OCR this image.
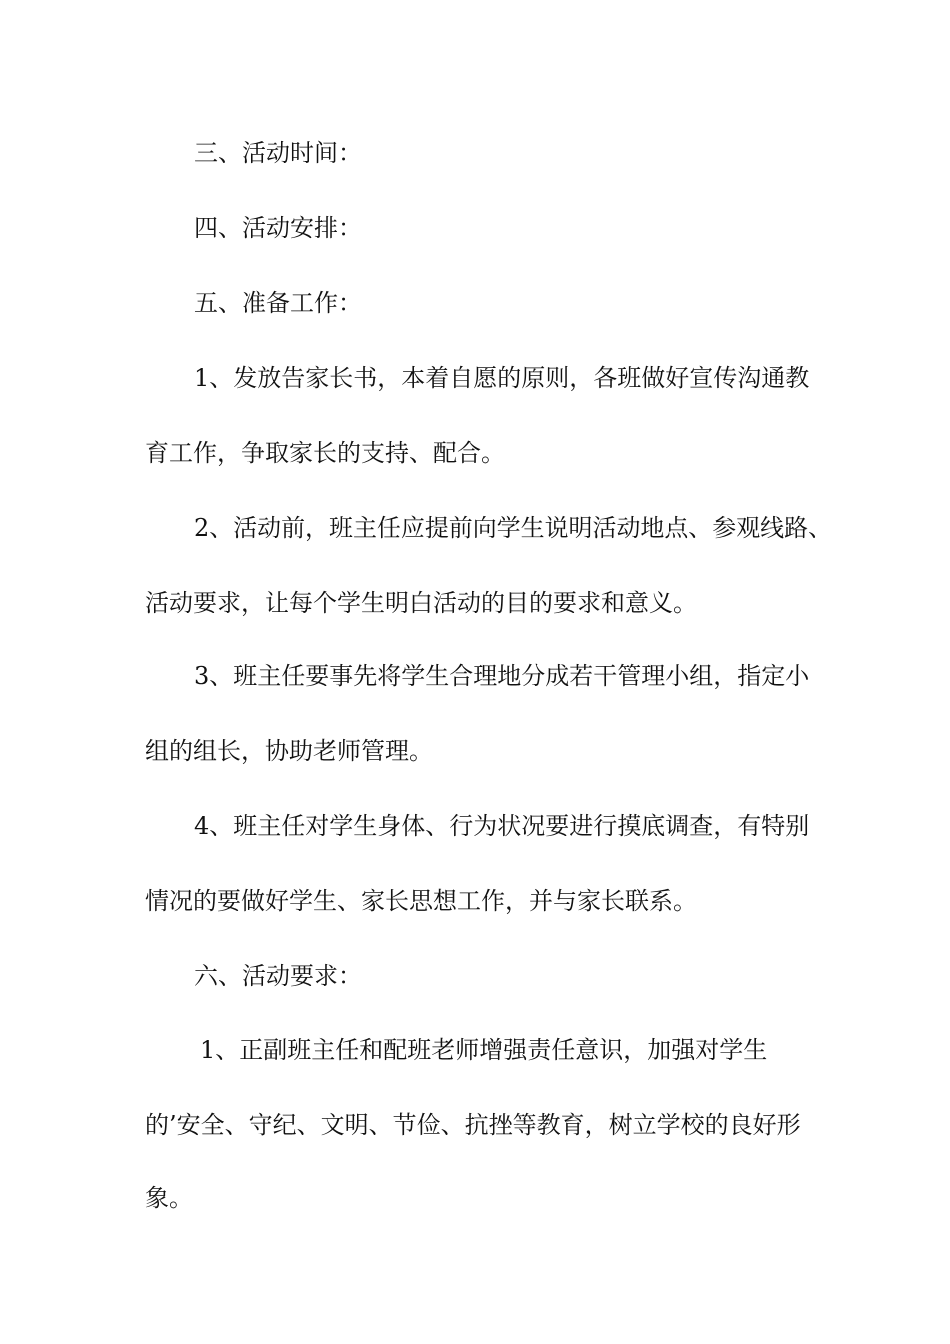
三、活动时间：
四、活动安排：
五、准备工作：
1、发放告家长书，本着自愿的原则，各班做好宣传沟通教
育工作，争取家长的支持、配合。
2、活动前，班主任应提前向学生说明活动地点、参观线路、
活动要求，让每个学生明白活动的目的要求和意义。
3、班主任要事先将学生合理地分成若干管理小组，指定小
组的组长，协助老师管理。
4、班主任对学生身体、行为状况要进行摸底调查，有特别
情况的要做好学生、家长思想工作，并与家长联系。
六、活动要求：
1、正副班主任和配班老师增强责任意识，加强对学生
的’安全、守纪、文明、节俭、抗挫等教育，树立学校的良好形
象。
